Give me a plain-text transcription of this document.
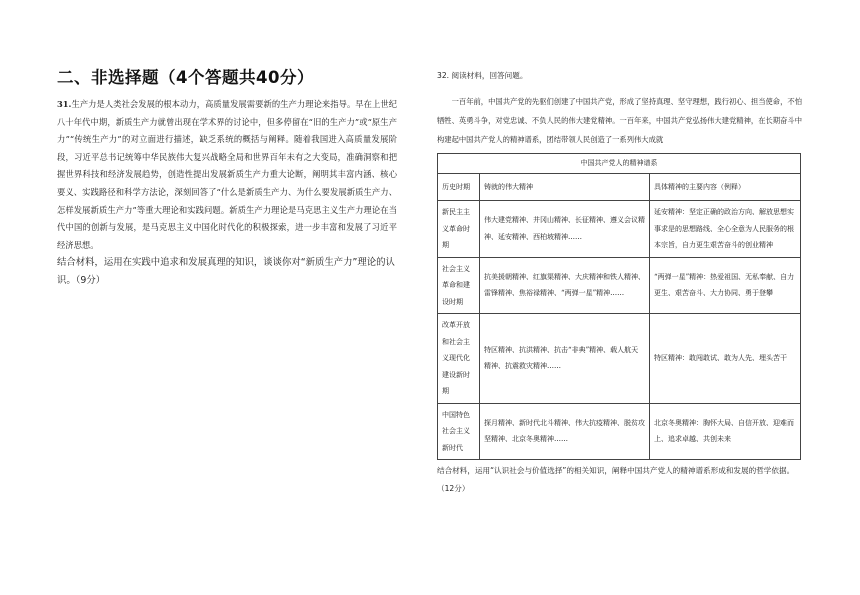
二、非选择题（4个答题共40分）

31.生产力是人类社会发展的根本动力，高质量发展需要新的生产力理论来指导。早在上世纪八十年代中期，新质生产力就曾出现在学术界的讨论中，但多停留在“旧的生产力”或“原生产力”“传统生产力”的对立面进行描述，缺乏系统的概括与阐释。随着我国进入高质量发展阶段，习近平总书记统筹中华民族伟大复兴战略全局和世界百年未有之大变局，准确洞察和把握世界科技和经济发展趋势，创造性提出发展新质生产力重大论断，阐明其丰富内涵、核心要义、实践路径和科学方法论，深刻回答了“什么是新质生产力、为什么要发展新质生产力、怎样发展新质生产力”等重大理论和实践问题。新质生产力理论是马克思主义生产力理论在当代中国的创新与发展，是马克思主义中国化时代化的积极探索，进一步丰富和发展了习近平经济思想。

结合材料，运用在实践中追求和发展真理的知识，谈谈你对“新质生产力”理论的认识。（9分）

32. 阅读材料，回答问题。

一百年前，中国共产党的先驱们创建了中国共产党，形成了坚持真理、坚守理想，践行初心、担当使命，不怕牺牲、英勇斗争，对党忠诚、不负人民的伟大建党精神。一百年来，中国共产党弘扬伟大建党精神，在长期奋斗中构建起中国共产党人的精神谱系，团结带领人民创造了一系列伟大成就

中国共产党人的精神谱系		
历史时期	铸就的伟大精神	具体精神的主要内容（例释）
新民主主义革命时期	伟大建党精神、井冈山精神、长征精神、遵义会议精神、延安精神、西柏坡精神……	延安精神：坚定正确的政治方向、解放思想实事求是的思想路线、全心全意为人民服务的根本宗旨，自力更生艰苦奋斗的创业精神
社会主义革命和建设时期	抗美援朝精神、红旗渠精神、大庆精神和铁人精神、雷锋精神、焦裕禄精神、“两弹一星”精神……	“两弹一星”精神：热爱祖国、无私奉献、自力更生、艰苦奋斗、大力协同、勇于登攀
改革开放和社会主义现代化建设新时期	特区精神、抗洪精神、抗击“非典”精神、载人航天精神、抗震救灾精神……	特区精神：敢闯敢试、敢为人先、埋头苦干
中国特色社会主义新时代	探月精神、新时代北斗精神、伟大抗疫精神、脱贫攻坚精神、北京冬奥精神……	北京冬奥精神：胸怀大局、自信开放、迎难而上、追求卓越、共创未来

结合材料，运用“认识社会与价值选择”的相关知识，阐释中国共产党人的精神谱系形成和发展的哲学依据。（12分）
